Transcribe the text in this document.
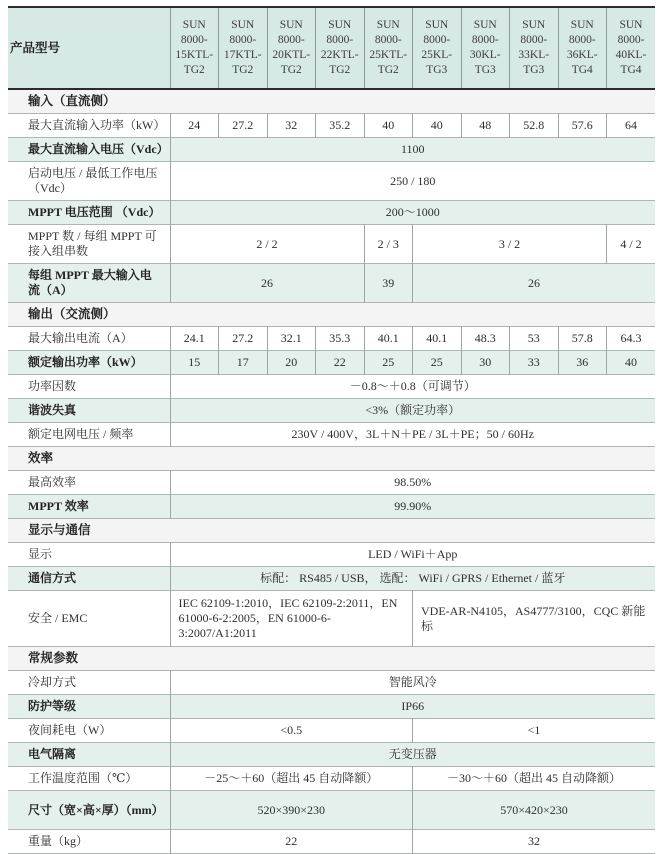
产品型号	SUN 8000-15KTL-TG2	SUN 8000-17KTL-TG2	SUN 8000-20KTL-TG2	SUN 8000-22KTL-TG2	SUN 8000-25KTL-TG2	SUN 8000-25KL-TG3	SUN 8000-30KL-TG3	SUN 8000-33KL-TG3	SUN 8000-36KL-TG4	SUN 8000-40KL-TG4
输入（直流侧）										
最大直流输入功率（kW）	24	27.2	32	35.2	40	40	48	52.8	57.6	64
最大直流输入电压（Vdc）	1100									
启动电压 / 最低工作电压（Vdc）	250 / 180									
MPPT 电压范围 （Vdc）	200～1000									
MPPT 数 / 每组 MPPT 可接入组串数	2 / 2				2 / 3	3 / 2				4 / 2
每组 MPPT 最大输入电流（A）	26				39	26				
输出（交流侧）										
最大输出电流（A）	24.1	27.2	32.1	35.3	40.1	40.1	48.3	53	57.8	64.3
额定输出功率（kW）	15	17	20	22	25	25	30	33	36	40
功率因数	－0.8～＋0.8（可调节）									
谐波失真	<3%（额定功率）									
额定电网电压 / 频率	230V / 400V，3L＋N＋PE / 3L＋PE；50 / 60Hz									
效率										
最高效率	98.50%									
MPPT 效率	99.90%									
显示与通信										
显示	LED / WiFi＋App									
通信方式	标配： RS485 / USB， 选配： WiFi / GPRS / Ethernet / 蓝牙									
安全 / EMC	IEC 62109-1:2010，IEC 62109-2:2011，EN 61000-6-2:2005，EN 61000-6-3:2007/A1:2011					VDE-AR-N4105，AS4777/3100，CQC 新能标				
常规参数										
冷却方式	智能风冷									
防护等级	IP66									
夜间耗电（W）	<0.5					<1				
电气隔离	无变压器									
工作温度范围（℃）	－25～＋60（超出 45 自动降额）					－30～＋60（超出 45 自动降额）				
尺寸（宽×高×厚）（mm）	520×390×230					570×420×230				
重量（kg）	22					32				
